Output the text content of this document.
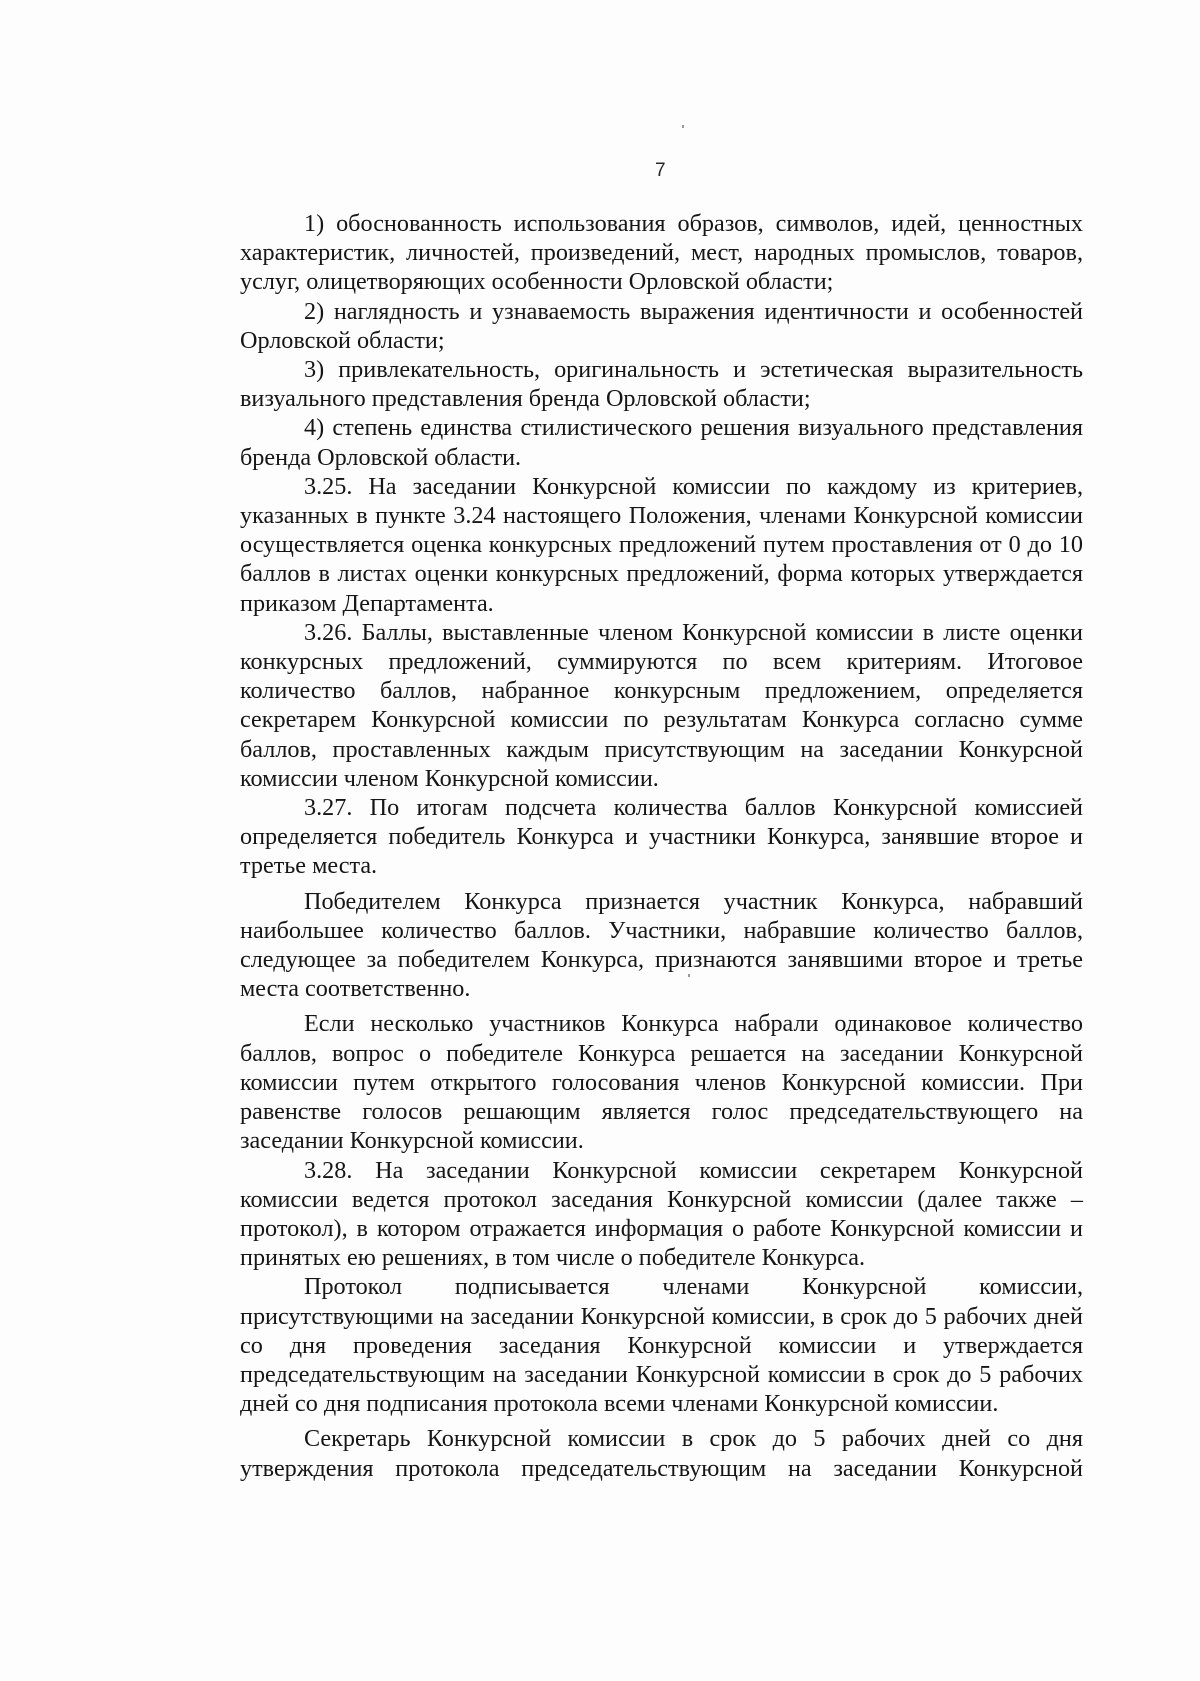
7

1) обоснованность использования образов, символов, идей, ценностных характеристик, личностей, произведений, мест, народных промыслов, товаров, услуг, олицетворяющих особенности Орловской области;

2) наглядность и узнаваемость выражения идентичности и особенностей Орловской области;

3) привлекательность, оригинальность и эстетическая выразительность визуального представления бренда Орловской области;

4) степень единства стилистического решения визуального представления бренда Орловской области.

3.25. На заседании Конкурсной комиссии по каждому из критериев, указанных в пункте 3.24 настоящего Положения, членами Конкурсной комиссии осуществляется оценка конкурсных предложений путем проставления от 0 до 10 баллов в листах оценки конкурсных предложений, форма которых утверждается приказом Департамента.

3.26. Баллы, выставленные членом Конкурсной комиссии в листе оценки конкурсных предложений, суммируются по всем критериям. Итоговое количество баллов, набранное конкурсным предложением, определяется секретарем Конкурсной комиссии по результатам Конкурса согласно сумме баллов, проставленных каждым присутствующим на заседании Конкурсной комиссии членом Конкурсной комиссии.

3.27. По итогам подсчета количества баллов Конкурсной комиссией определяется победитель Конкурса и участники Конкурса, занявшие второе и третье места.

Победителем Конкурса признается участник Конкурса, набравший наибольшее количество баллов. Участники, набравшие количество баллов, следующее за победителем Конкурса, признаются занявшими второе и третье места соответственно.

Если несколько участников Конкурса набрали одинаковое количество баллов, вопрос о победителе Конкурса решается на заседании Конкурсной комиссии путем открытого голосования членов Конкурсной комиссии. При равенстве голосов решающим является голос председательствующего на заседании Конкурсной комиссии.

3.28. На заседании Конкурсной комиссии секретарем Конкурсной комиссии ведется протокол заседания Конкурсной комиссии (далее также – протокол), в котором отражается информация о работе Конкурсной комиссии и принятых ею решениях, в том числе о победителе Конкурса.

Протокол подписывается членами Конкурсной комиссии, присутствующими на заседании Конкурсной комиссии, в срок до 5 рабочих дней со дня проведения заседания Конкурсной комиссии и утверждается председательствующим на заседании Конкурсной комиссии в срок до 5 рабочих дней со дня подписания протокола всеми членами Конкурсной комиссии.

Секретарь Конкурсной комиссии в срок до 5 рабочих дней со дня утверждения протокола председательствующим на заседании Конкурсной
